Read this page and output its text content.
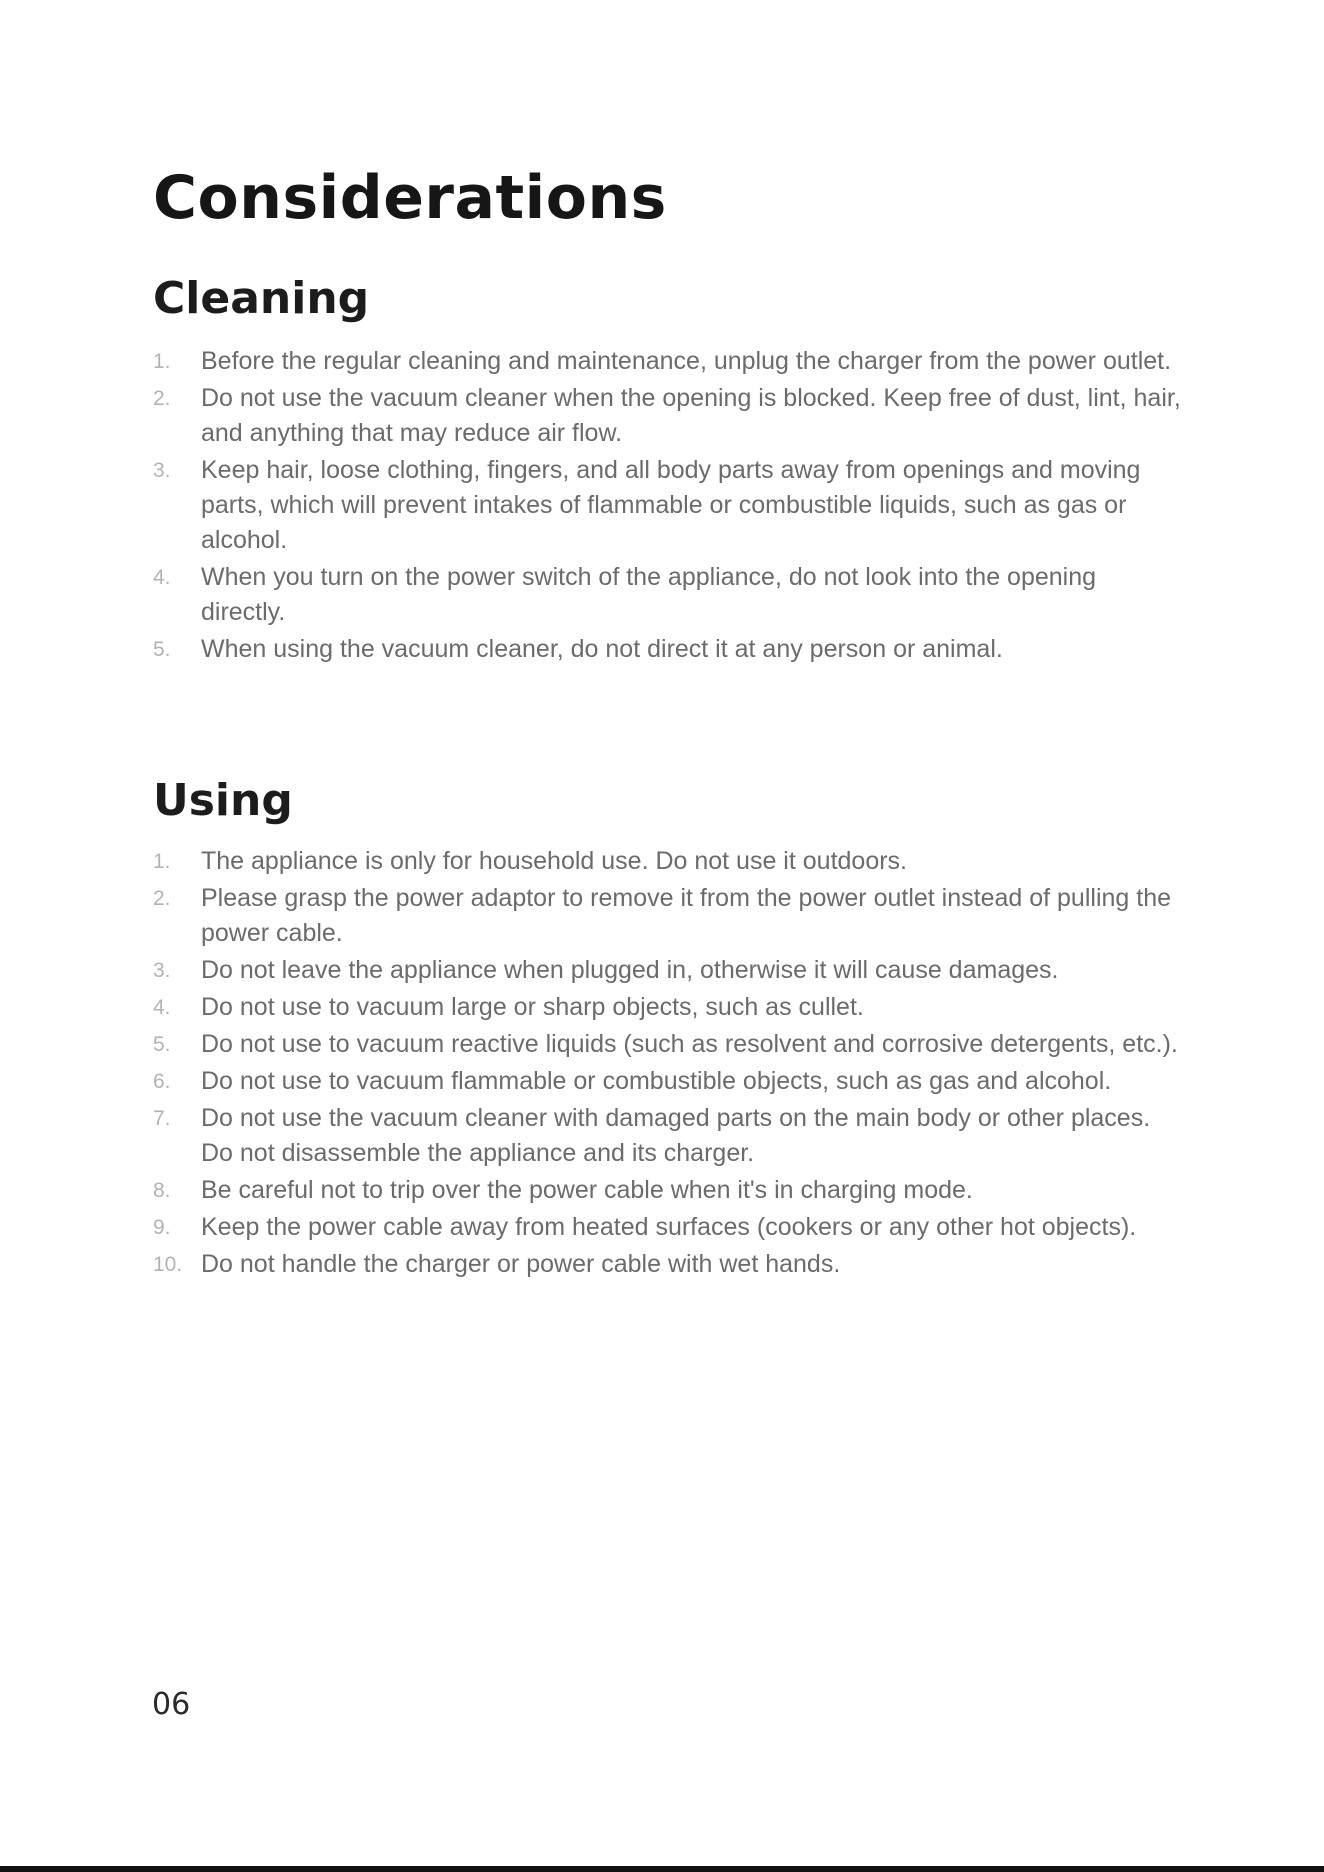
Considerations
Cleaning
1.	Before the regular cleaning and maintenance, unplug the charger from the power outlet.
2.	Do not use the vacuum cleaner when the opening is blocked. Keep free of dust, lint, hair, and anything that may reduce air flow.
3.	Keep hair, loose clothing, fingers, and all body parts away from openings and moving parts, which will prevent intakes of flammable or combustible liquids, such as gas or alcohol.
4.	When you turn on the power switch of the appliance, do not look into the opening directly.
5.	When using the vacuum cleaner, do not direct it at any person or animal.
Using
1.	The appliance is only for household use. Do not use it outdoors.
2.	Please grasp the power adaptor to remove it from the power outlet instead of pulling the power cable.
3.	Do not leave the appliance when plugged in, otherwise it will cause damages.
4.	Do not use to vacuum large or sharp objects, such as cullet.
5.	Do not use to vacuum reactive liquids (such as resolvent and corrosive detergents, etc.).
6.	Do not use to vacuum flammable or combustible objects, such as gas and alcohol.
7.	Do not use the vacuum cleaner with damaged parts on the main body or other places. Do not disassemble the appliance and its charger.
8.	Be careful not to trip over the power cable when it's in charging mode.
9.	Keep the power cable away from heated surfaces (cookers or any other hot objects).
10. Do not handle the charger or power cable with wet hands.
06
